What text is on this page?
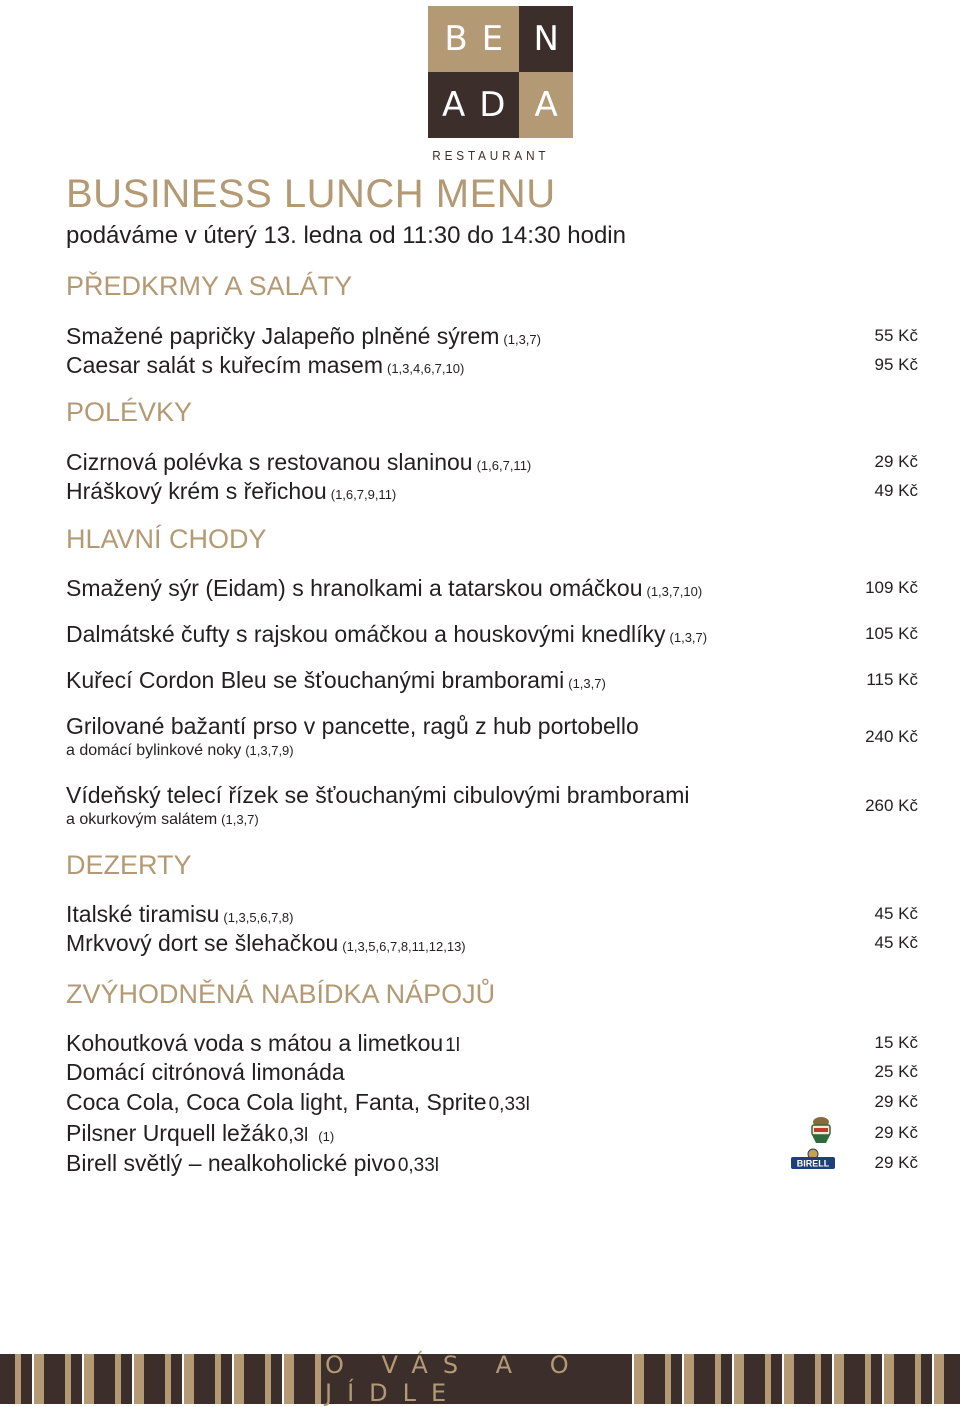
BE N
AD A
RESTAURANT
BUSINESS LUNCH MENU
podáváme v úterý 13. ledna od 11:30 do 14:30 hodin
PŘEDKRMY A SALÁTY
Smažené papričky Jalapeño plněné sýrem (1,3,7)	55 Kč
Caesar salát s kuřecím masem (1,3,4,6,7,10)	95 Kč
POLÉVKY
Cizrnová polévka s restovanou slaninou (1,6,7,11)	29 Kč
Hráškový krém s řeřichou (1,6,7,9,11)	49 Kč
HLAVNÍ CHODY
Smažený sýr (Eidam) s hranolkami a tatarskou omáčkou (1,3,7,10)	109 Kč
Dalmátské čufty s rajskou omáčkou a houskovými knedlíky (1,3,7)	105 Kč
Kuřecí Cordon Bleu se šťouchanými bramborami (1,3,7)	115 Kč
Grilované bažantí prso v pancette, ragů z hub portobello
a domácí bylinkové noky (1,3,7,9)
240 Kč
Vídeňský telecí řízek se šťouchanými cibulovými bramborami
a okurkovým salátem (1,3,7)
260 Kč
DEZERTY
Italské tiramisu (1,3,5,6,7,8)	45 Kč
Mrkvový dort se šlehačkou (1,3,5,6,7,8,11,12,13)	45 Kč
ZVÝHODNĚNÁ NABÍDKA NÁPOJŮ
Kohoutková voda s mátou a limetkou 1l	15 Kč
Domácí citrónová limonáda	25 Kč
Coca Cola, Coca Cola light, Fanta, Sprite 0,33l	29 Kč
Pilsner Urquell ležák 0,3l (1)	29 Kč
Birell světlý – nealkoholické pivo 0,33l	29 Kč
BIRELL
O VÁS A O JÍDLE
